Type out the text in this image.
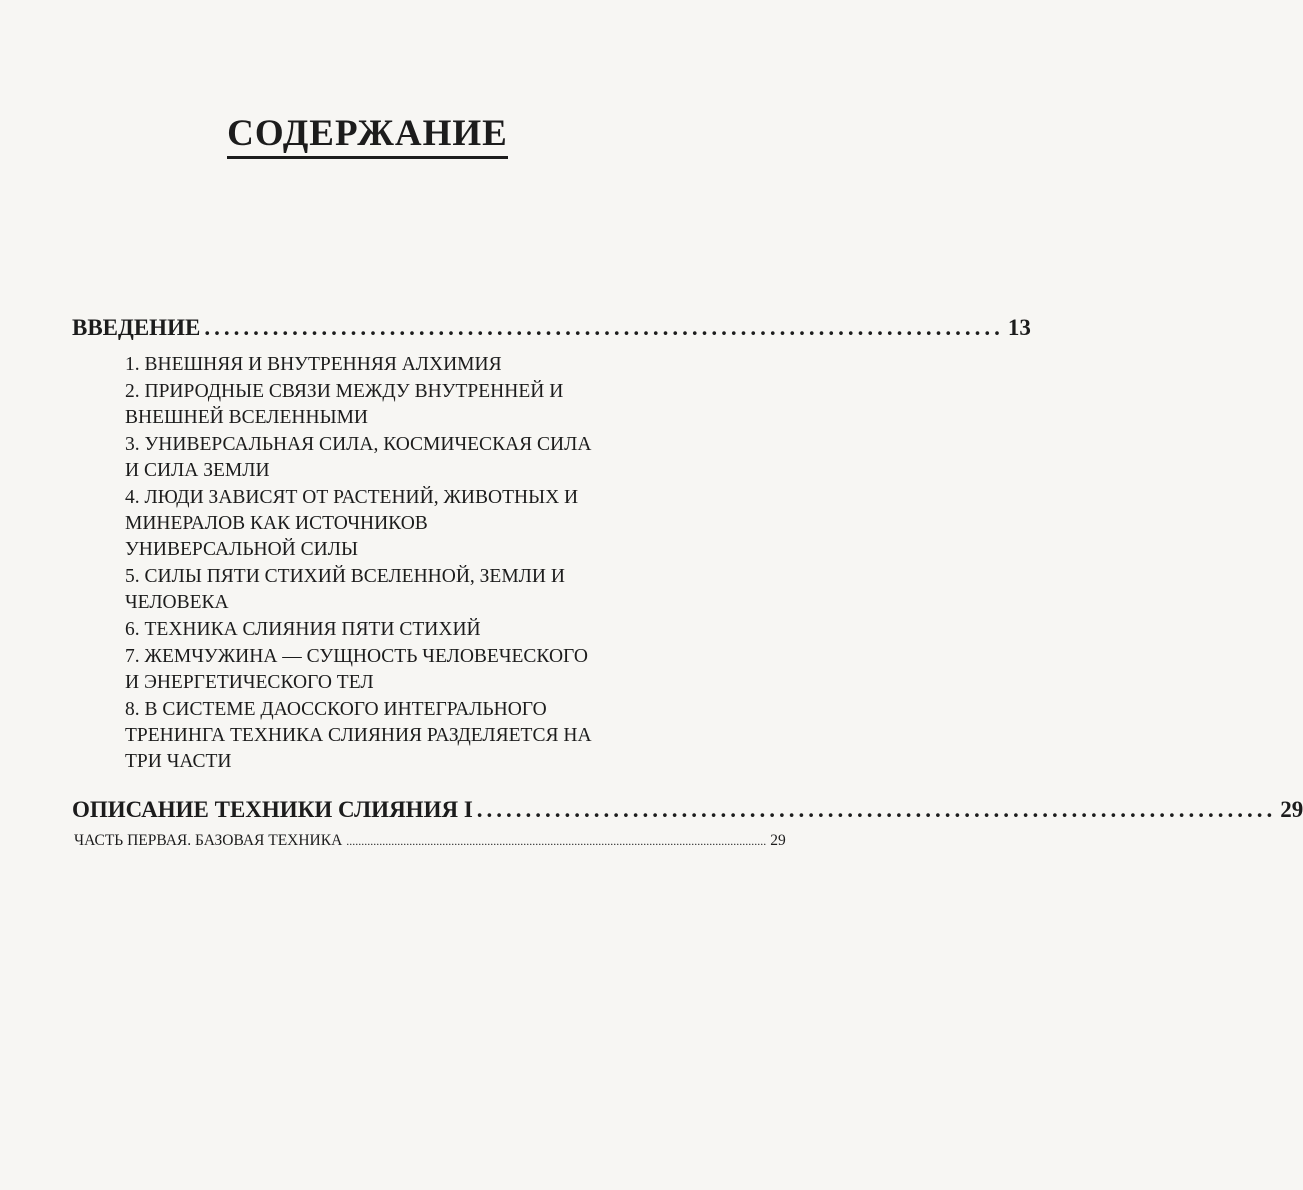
СОДЕРЖАНИЕ
ВВЕДЕНИЕ .................................................................................. 13
1. ВНЕШНЯЯ И ВНУТРЕННЯЯ АЛХИМИЯ
2. ПРИРОДНЫЕ СВЯЗИ МЕЖДУ ВНУТРЕННЕЙ И ВНЕШНЕЙ ВСЕЛЕННЫМИ
3. УНИВЕРСАЛЬНАЯ СИЛА, КОСМИЧЕСКАЯ СИЛА И СИЛА ЗЕМЛИ
4. ЛЮДИ ЗАВИСЯТ ОТ РАСТЕНИЙ, ЖИВОТНЫХ И МИНЕРАЛОВ КАК ИСТОЧНИКОВ УНИВЕРСАЛЬНОЙ СИЛЫ
5. СИЛЫ ПЯТИ СТИХИЙ ВСЕЛЕННОЙ, ЗЕМЛИ И ЧЕЛОВЕКА
6. ТЕХНИКА СЛИЯНИЯ ПЯТИ СТИХИЙ
7. ЖЕМЧУЖИНА — СУЩНОСТЬ ЧЕЛОВЕЧЕСКОГО И ЭНЕРГЕТИЧЕСКОГО ТЕЛ
8. В СИСТЕМЕ ДАОССКОГО ИНТЕГРАЛЬНОГО ТРЕНИНГА ТЕХНИКА СЛИЯНИЯ РАЗДЕЛЯЕТСЯ НА ТРИ ЧАСТИ
ОПИСАНИЕ ТЕХНИКИ СЛИЯНИЯ I .................................................................................. 29
ЧАСТЬ ПЕРВАЯ. БАЗОВАЯ ТЕХНИКА ............................................................................................................................................ 29
